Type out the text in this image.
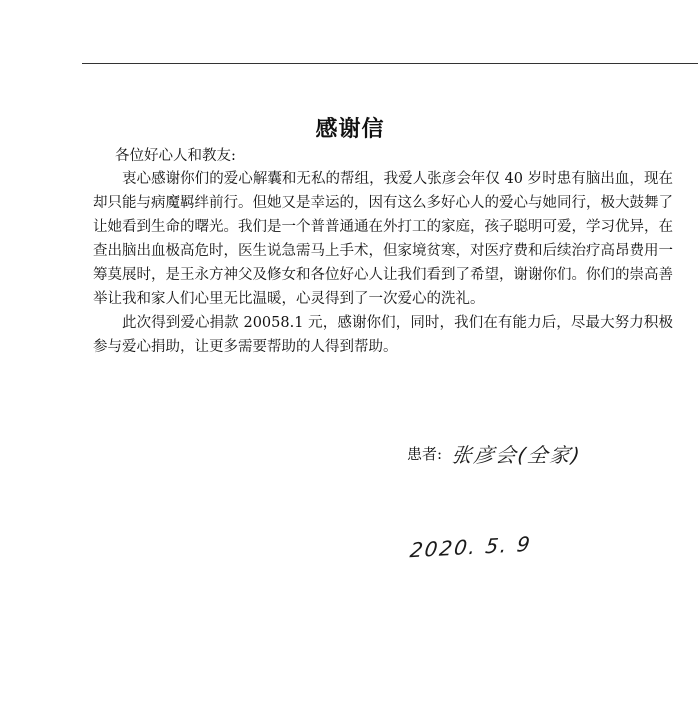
感谢信
各位好心人和教友:

衷心感谢你们的爱心解囊和无私的帮组，我爱人张彦会年仅 40 岁时患有脑出血，现在却只能与病魔羁绊前行。但她又是幸运的，因有这么多好心人的爱心与她同行，极大鼓舞了让她看到生命的曙光。我们是一个普普通通在外打工的家庭，孩子聪明可爱，学习优异，在查出脑出血极高危时，医生说急需马上手术，但家境贫寒，对医疗费和后续治疗高昂费用一筹莫展时，是王永方神父及修女和各位好心人让我们看到了希望，谢谢你们。你们的崇高善举让我和家人们心里无比温暖，心灵得到了一次爱心的洗礼。

此次得到爱心捐款 20058.1 元，感谢你们，同时，我们在有能力后，尽最大努力积极参与爱心捐助，让更多需要帮助的人得到帮助。

患者: 张彦会
(全家)
2020. 5. 9
